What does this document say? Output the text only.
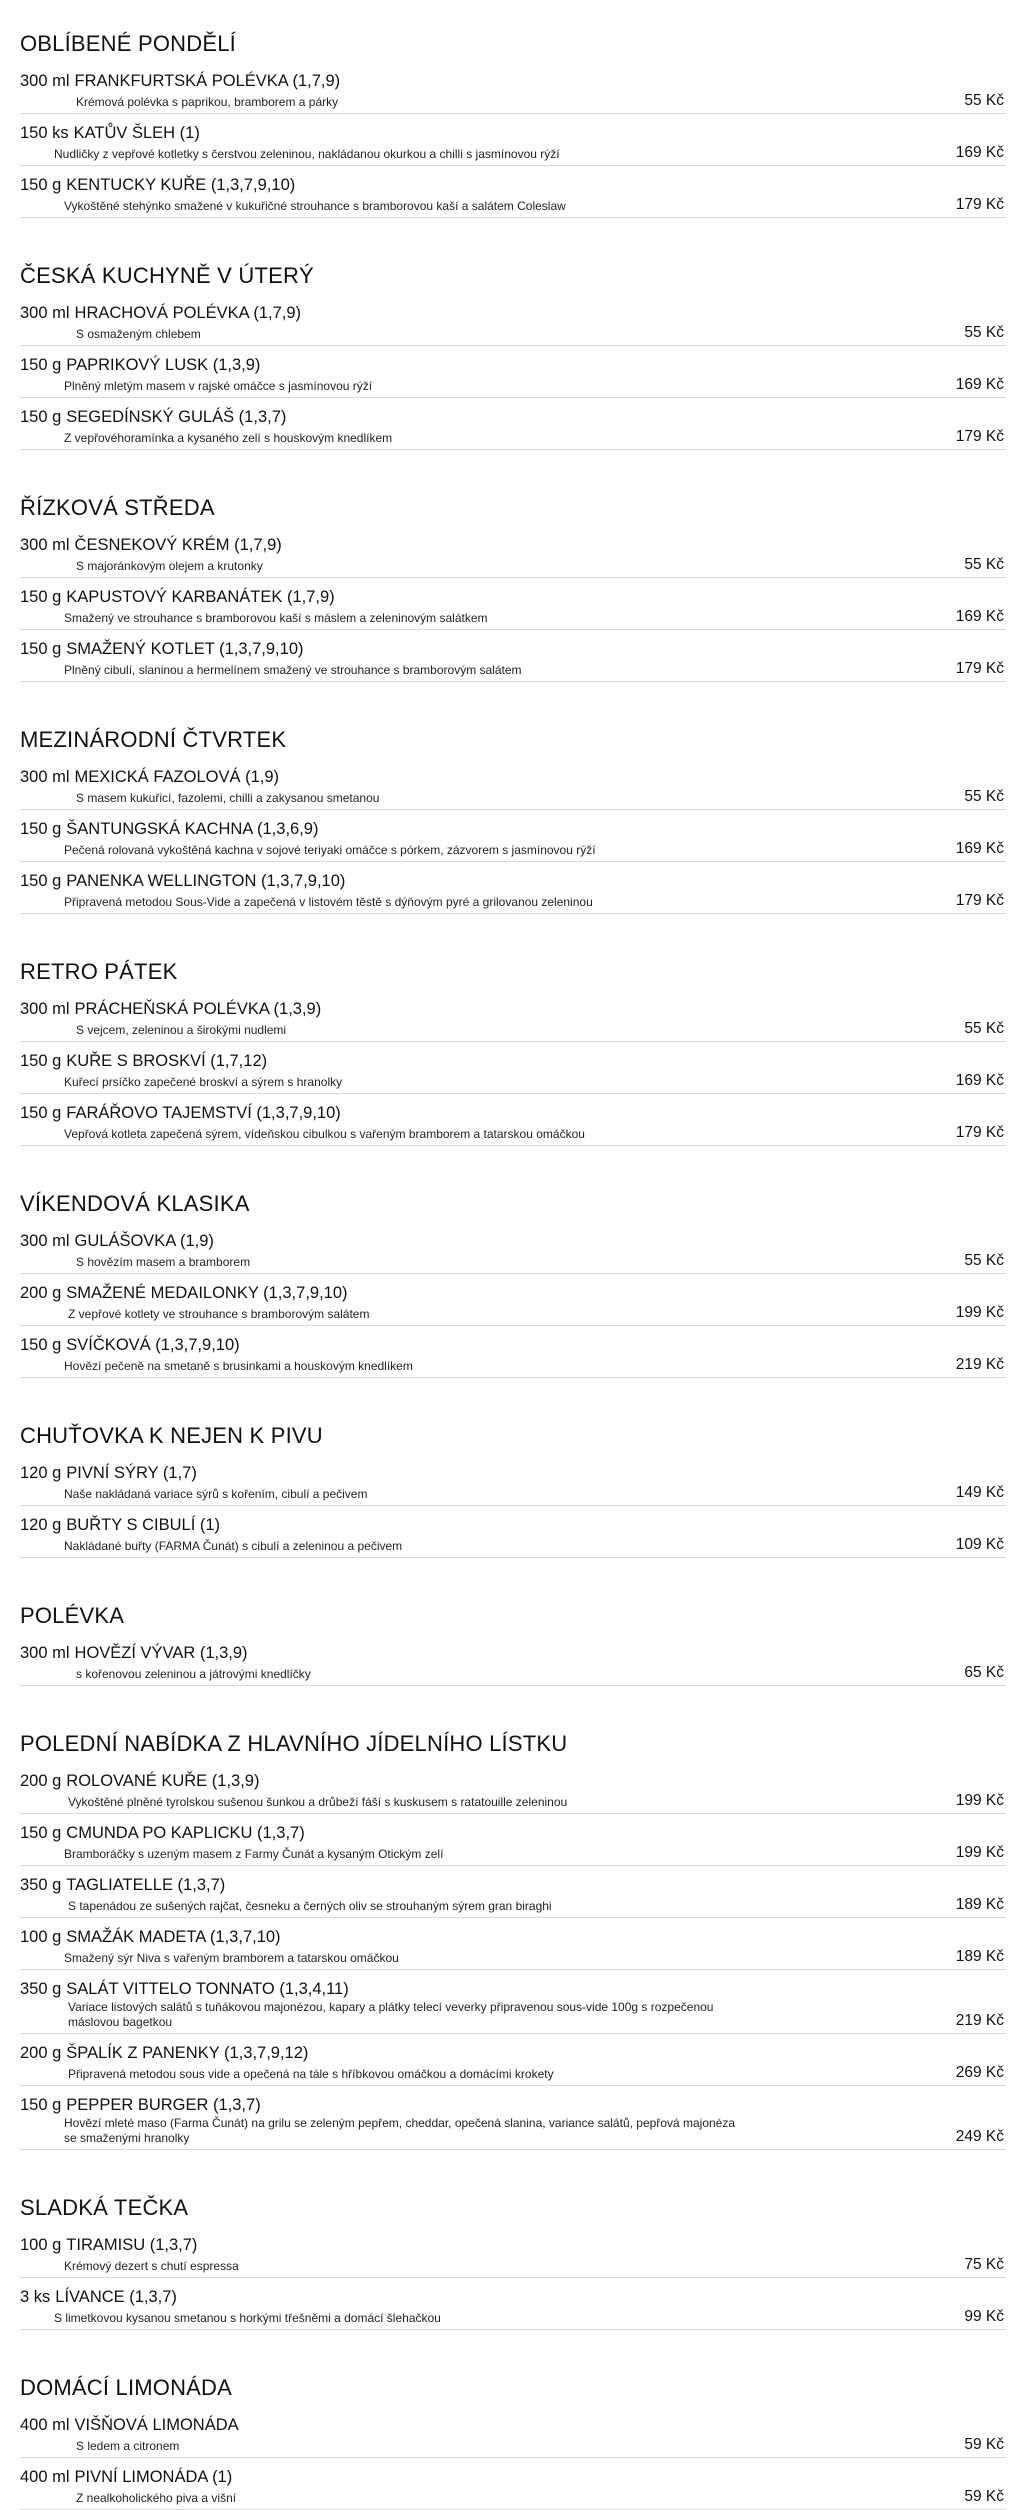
OBLÍBENÉ PONDĚLÍ
300 ml FRANKFURTSKÁ POLÉVKA (1,7,9)
Krémová polévka s paprikou, bramborem a párky	55 Kč
150 ks KATŮV ŠLEH (1)
Nudličky z vepřové kotletky s čerstvou zeleninou, nakládanou okurkou a chilli s jasmínovou rýží	169 Kč
150 g KENTUCKY KUŘE (1,3,7,9,10)
Vykoštěné stehýnko smažené v kukuřičné strouhance s bramborovou kaší a salátem Coleslaw	179 Kč
ČESKÁ KUCHYNĚ V ÚTERÝ
300 ml HRACHOVÁ POLÉVKA (1,7,9)
S osmaženým chlebem	55 Kč
150 g PAPRIKOVÝ LUSK (1,3,9)
Plněný mletým masem v rajské omáčce s jasmínovou rýží	169 Kč
150 g SEGEDÍNSKÝ GULÁŠ (1,3,7)
Z vepřovéhoramínka a kysaného zelí s houskovým knedlíkem	179 Kč
ŘÍZKOVÁ STŘEDA
300 ml ČESNEKOVÝ KRÉM (1,7,9)
S majoránkovým olejem a krutonky	55 Kč
150 g KAPUSTOVÝ KARBANÁTEK (1,7,9)
Smažený ve strouhance s bramborovou kaší s máslem a zeleninovým salátkem	169 Kč
150 g SMAŽENÝ KOTLET (1,3,7,9,10)
Plněný cibulí, slaninou a hermelínem smažený ve strouhance s bramborovým salátem	179 Kč
MEZINÁRODNÍ ČTVRTEK
300 ml MEXICKÁ FAZOLOVÁ (1,9)
S masem kukuřicí, fazolemi, chilli a zakysanou smetanou	55 Kč
150 g ŠANTUNGSKÁ KACHNA (1,3,6,9)
Pečená rolovaná vykoštěná kachna v sojové teriyaki omáčce s pórkem, zázvorem s jasmínovou rýží	169 Kč
150 g PANENKA WELLINGTON (1,3,7,9,10)
Připravená metodou Sous-Vide a zapečená v listovém těstě s dýňovým pyré a grilovanou zeleninou	179 Kč
RETRO PÁTEK
300 ml PRÁCHEŇSKÁ POLÉVKA (1,3,9)
S vejcem, zeleninou a širokými nudlemi	55 Kč
150 g KUŘE S BROSKVÍ (1,7,12)
Kuřecí prsíčko zapečené broskví a sýrem s hranolky	169 Kč
150 g FARÁŘOVO TAJEMSTVÍ (1,3,7,9,10)
Vepřová kotleta zapečená sýrem, vídeňskou cibulkou s vařeným bramborem a tatarskou omáčkou	179 Kč
VÍKENDOVÁ KLASIKA
300 ml GULÁŠOVKA (1,9)
S hovězím masem a bramborem	55 Kč
200 g SMAŽENÉ MEDAILONKY (1,3,7,9,10)
Z vepřové kotlety ve strouhance s bramborovým salátem	199 Kč
150 g SVÍČKOVÁ (1,3,7,9,10)
Hovězí pečeně na smetaně s brusinkami a houskovým knedlíkem	219 Kč
CHUŤOVKA K NEJEN K PIVU
120 g PIVNÍ SÝRY (1,7)
Naše nakládaná variace sýrů s kořením, cibulí a pečivem	149 Kč
120 g BUŘTY S CIBULÍ (1)
Nakládané buřty (FARMA Čunát) s cibulí a zeleninou a pečivem	109 Kč
POLÉVKA
300 ml HOVĚZÍ VÝVAR (1,3,9)
s kořenovou zeleninou a játrovými knedlíčky	65 Kč
POLEDNÍ NABÍDKA Z HLAVNÍHO JÍDELNÍHO LÍSTKU
200 g ROLOVANÉ KUŘE (1,3,9)
Vykoštěné plněné tyrolskou sušenou šunkou a drůbeží fáší s kuskusem s ratatouille zeleninou	199 Kč
150 g CMUNDA PO KAPLICKU (1,3,7)
Bramboráčky s uzeným masem z Farmy Čunát a kysaným Otickým zelí	199 Kč
350 g TAGLIATELLE (1,3,7)
S tapenádou ze sušených rajčat, česneku a černých oliv se strouhaným sýrem gran biraghi	189 Kč
100 g SMAŽÁK MADETA (1,3,7,10)
Smažený sýr Niva s vařeným bramborem a tatarskou omáčkou	189 Kč
350 g SALÁT VITTELO TONNATO (1,3,4,11)
Variace listových salátů s tuňákovou majonézou, kapary a plátky telecí veverky připravenou sous-vide 100g s rozpečenou máslovou bagetkou	219 Kč
200 g ŠPALÍK Z PANENKY (1,3,7,9,12)
Připravená metodou sous vide a opečená na tále s hříbkovou omáčkou a domácími krokety	269 Kč
150 g PEPPER BURGER (1,3,7)
Hovězí mleté maso (Farma Čunát) na grilu se zeleným pepřem, cheddar, opečená slanina, variance salátů, pepřová majonéza se smaženými hranolky	249 Kč
SLADKÁ TEČKA
100 g TIRAMISU (1,3,7)
Krémový dezert s chutí espressa	75 Kč
3 ks LÍVANCE (1,3,7)
S limetkovou kysanou smetanou s horkými třešněmi a domácí šlehačkou	99 Kč
DOMÁCÍ LIMONÁDA
400 ml VIŠŇOVÁ LIMONÁDA
S ledem a citronem	59 Kč
400 ml PIVNÍ LIMONÁDA (1)
Z nealkoholického piva a višní	59 Kč
